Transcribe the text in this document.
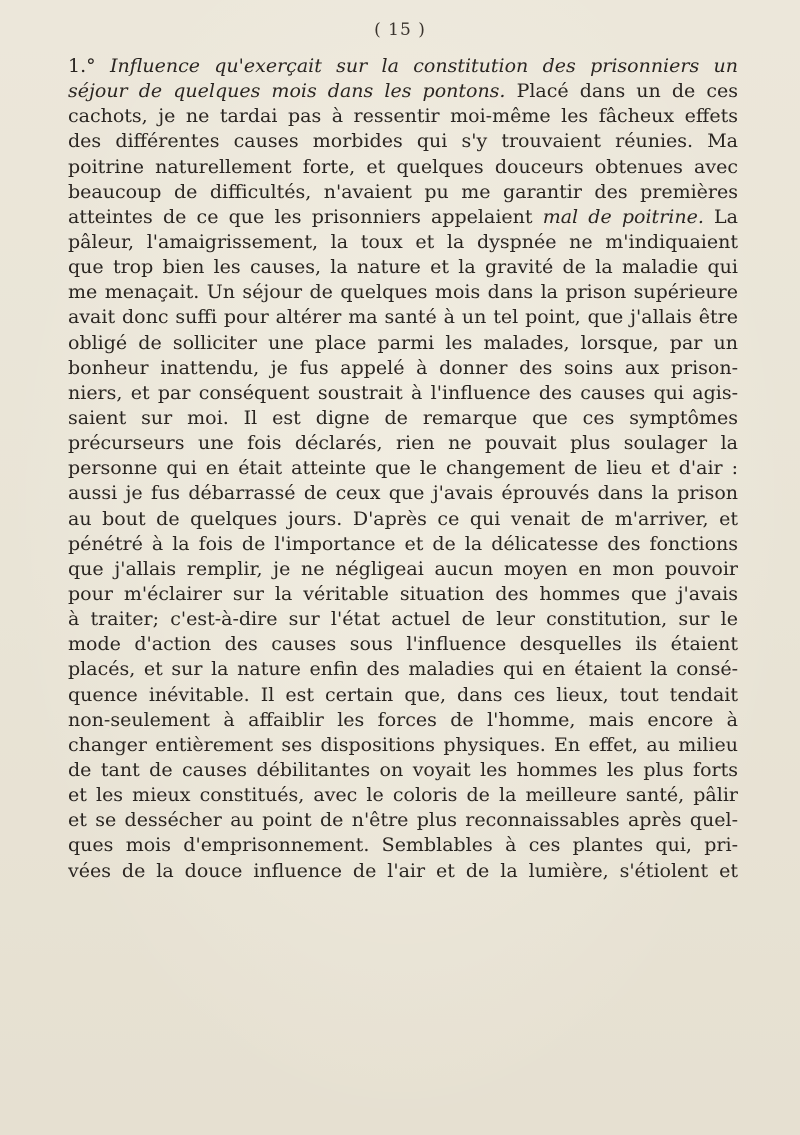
( 15 )
1.° Influence qu'exerçait sur la constitution des prisonniers un
séjour de quelques mois dans les pontons. Placé dans un de ces
cachots, je ne tardai pas à ressentir moi-même les fâcheux effets
des différentes causes morbides qui s'y trouvaient réunies. Ma
poitrine naturellement forte, et quelques douceurs obtenues avec
beaucoup de difficultés, n'avaient pu me garantir des premières
atteintes de ce que les prisonniers appelaient mal de poitrine. La
pâleur, l'amaigrissement, la toux et la dyspnée ne m'indiquaient
que trop bien les causes, la nature et la gravité de la maladie qui
me menaçait. Un séjour de quelques mois dans la prison supérieure
avait donc suffi pour altérer ma santé à un tel point, que j'allais être
obligé de solliciter une place parmi les malades, lorsque, par un
bonheur inattendu, je fus appelé à donner des soins aux prison-
niers, et par conséquent soustrait à l'influence des causes qui agis-
saient sur moi. Il est digne de remarque que ces symptômes
précurseurs une fois déclarés, rien ne pouvait plus soulager la
personne qui en était atteinte que le changement de lieu et d'air :
aussi je fus débarrassé de ceux que j'avais éprouvés dans la prison
au bout de quelques jours. D'après ce qui venait de m'arriver, et
pénétré à la fois de l'importance et de la délicatesse des fonctions
que j'allais remplir, je ne négligeai aucun moyen en mon pouvoir
pour m'éclairer sur la véritable situation des hommes que j'avais
à traiter; c'est-à-dire sur l'état actuel de leur constitution, sur le
mode d'action des causes sous l'influence desquelles ils étaient
placés, et sur la nature enfin des maladies qui en étaient la consé-
quence inévitable. Il est certain que, dans ces lieux, tout tendait
non-seulement à affaiblir les forces de l'homme, mais encore à
changer entièrement ses dispositions physiques. En effet, au milieu
de tant de causes débilitantes on voyait les hommes les plus forts
et les mieux constitués, avec le coloris de la meilleure santé, pâlir
et se dessécher au point de n'être plus reconnaissables après quel-
ques mois d'emprisonnement. Semblables à ces plantes qui, pri-
vées de la douce influence de l'air et de la lumière, s'étiolent et
